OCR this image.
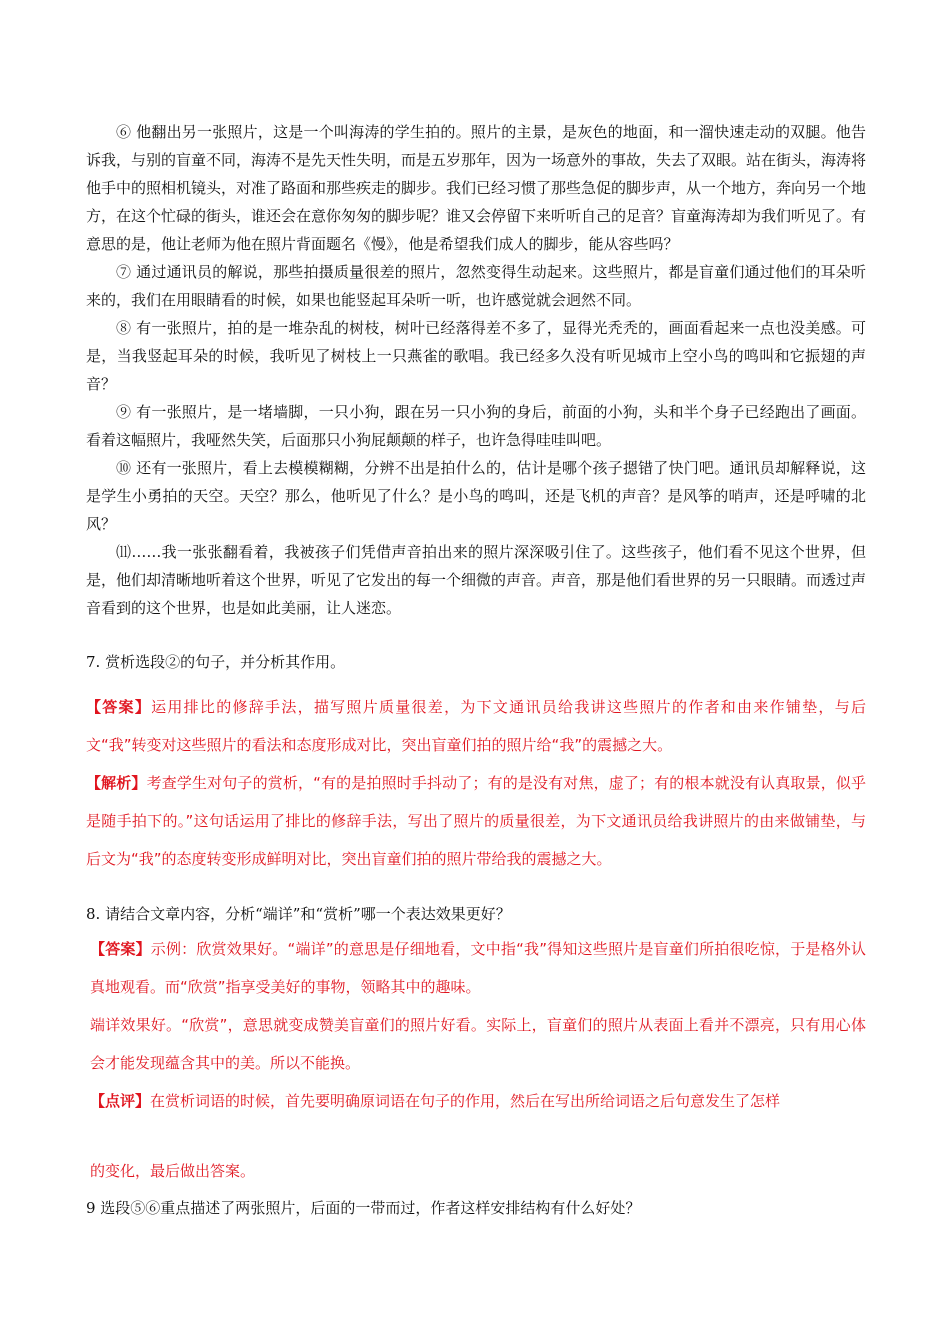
⑥ 他翻出另一张照片，这是一个叫海涛的学生拍的。照片的主景，是灰色的地面，和一溜快速走动的双腿。他告诉我，与别的盲童不同，海涛不是先天性失明，而是五岁那年，因为一场意外的事故，失去了双眼。站在街头，海涛将他手中的照相机镜头，对准了路面和那些疾走的脚步。我们已经习惯了那些急促的脚步声，从一个地方，奔向另一个地方，在这个忙碌的街头，谁还会在意你匆匆的脚步呢？谁又会停留下来听听自己的足音？盲童海涛却为我们听见了。有意思的是，他让老师为他在照片背面题名《慢》，他是希望我们成人的脚步，能从容些吗？

⑦ 通过通讯员的解说，那些拍摄质量很差的照片，忽然变得生动起来。这些照片，都是盲童们通过他们的耳朵听来的，我们在用眼睛看的时候，如果也能竖起耳朵听一听，也许感觉就会迥然不同。

⑧ 有一张照片，拍的是一堆杂乱的树枝，树叶已经落得差不多了，显得光秃秃的，画面看起来一点也没美感。可是，当我竖起耳朵的时候，我听见了树枝上一只燕雀的歌唱。我已经多久没有听见城市上空小鸟的鸣叫和它振翅的声音？

⑨ 有一张照片，是一堵墙脚，一只小狗，跟在另一只小狗的身后，前面的小狗，头和半个身子已经跑出了画面。看着这幅照片，我哑然失笑，后面那只小狗屁颠颠的样子，也许急得哇哇叫吧。

⑩ 还有一张照片，看上去模模糊糊，分辨不出是拍什么的，估计是哪个孩子摁错了快门吧。通讯员却解释说，这是学生小勇拍的天空。天空？那么，他听见了什么？是小鸟的鸣叫，还是飞机的声音？是风筝的哨声，还是呼啸的北风？

⑾……我一张张翻看着，我被孩子们凭借声音拍出来的照片深深吸引住了。这些孩子，他们看不见这个世界，但是，他们却清晰地听着这个世界，听见了它发出的每一个细微的声音。声音，那是他们看世界的另一只眼睛。而透过声音看到的这个世界，也是如此美丽，让人迷恋。

7. 赏析选段②的句子，并分析其作用。

【答案】运用排比的修辞手法，描写照片质量很差，为下文通讯员给我讲这些照片的作者和由来作铺垫，与后文“我”转变对这些照片的看法和态度形成对比，突出盲童们拍的照片给“我”的震撼之大。

【解析】考查学生对句子的赏析，“有的是拍照时手抖动了；有的是没有对焦，虚了；有的根本就没有认真取景，似乎是随手拍下的。”这句话运用了排比的修辞手法，写出了照片的质量很差，为下文通讯员给我讲照片的由来做铺垫，与后文为“我”的态度转变形成鲜明对比，突出盲童们拍的照片带给我的震撼之大。

8. 请结合文章内容，分析“端详”和“赏析”哪一个表达效果更好？

【答案】示例：欣赏效果好。“端详”的意思是仔细地看，文中指“我”得知这些照片是盲童们所拍很吃惊，于是格外认真地观看。而“欣赏”指享受美好的事物，领略其中的趣味。

端详效果好。“欣赏”，意思就变成赞美盲童们的照片好看。实际上，盲童们的照片从表面上看并不漂亮，只有用心体会才能发现蕴含其中的美。所以不能换。

【点评】在赏析词语的时候，首先要明确原词语在句子的作用，然后在写出所给词语之后句意发生了怎样

的变化，最后做出答案。

9 选段⑤⑥重点描述了两张照片，后面的一带而过，作者这样安排结构有什么好处？
